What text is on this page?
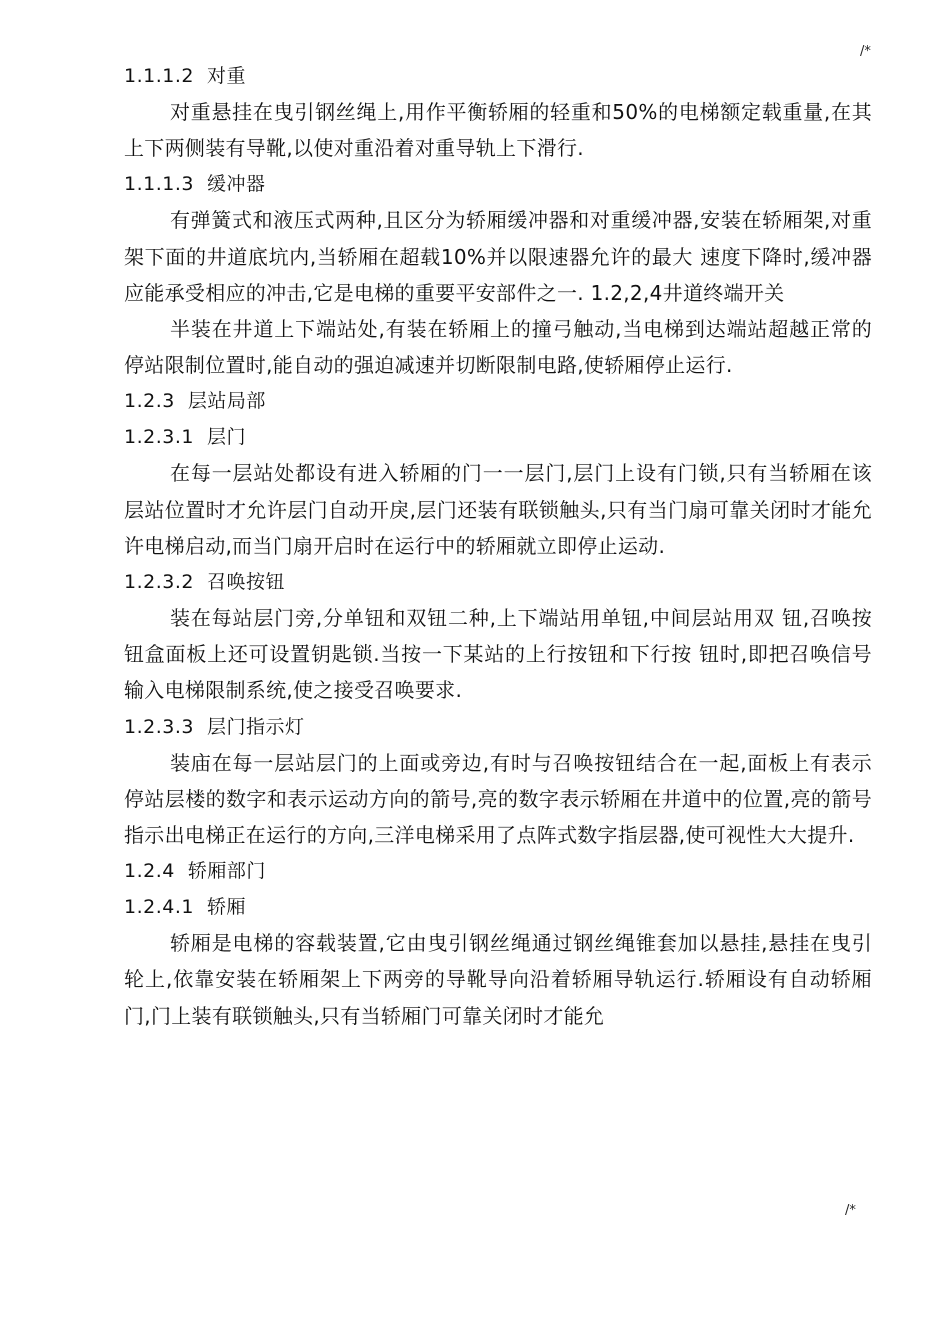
/*
1.1.1.2  对重
对重悬挂在曳引钢丝绳上,用作平衡轿厢的轻重和50%的电梯额定载重量,在其上下两侧装有导靴,以使对重沿着对重导轨上下滑行.
1.1.1.3  缓冲器
有弹簧式和液压式两种,且区分为轿厢缓冲器和对重缓冲器,安装在轿厢架,对重架下面的井道底坑内,当轿厢在超载10%并以限速器允许的最大 速度下降时,缓冲器应能承受相应的冲击,它是电梯的重要平安部件之一. 1.2,2,4井道终端开关
半装在井道上下端站处,有装在轿厢上的撞弓触动,当电梯到达端站超越正常的停站限制位置时,能自动的强迫减速并切断限制电路,使轿厢停止运行.
1.2.3  层站局部
1.2.3.1  层门
在每一层站处都设有进入轿厢的门一一层门,层门上设有门锁,只有当轿厢在该层站位置时才允许层门自动开戾,层门还装有联锁触头,只有当门扇可靠关闭时才能允许电梯启动,而当门扇开启时在运行中的轿厢就立即停止运动.
1.2.3.2  召唤按钮
装在每站层门旁,分单钮和双钮二种,上下端站用单钮,中间层站用双 钮,召唤按钮盒面板上还可设置钥匙锁.当按一下某站的上行按钮和下行按 钮时,即把召唤信号输入电梯限制系统,使之接受召唤要求.
1.2.3.3  层门指示灯
装庙在每一层站层门的上面或旁边,有时与召唤按钮结合在一起,面板上有表示停站层楼的数字和表示运动方向的箭号,亮的数字表示轿厢在井道中的位置,亮的箭号指示出电梯正在运行的方向,三洋电梯采用了点阵式数字指层器,使可视性大大提升.
1.2.4  轿厢部门
1.2.4.1  轿厢
轿厢是电梯的容载装置,它由曳引钢丝绳通过钢丝绳锥套加以悬挂,悬挂在曳引轮上,依靠安装在轿厢架上下两旁的导靴导向沿着轿厢导轨运行.轿厢设有自动轿厢门,门上装有联锁触头,只有当轿厢门可靠关闭时才能允
/*
